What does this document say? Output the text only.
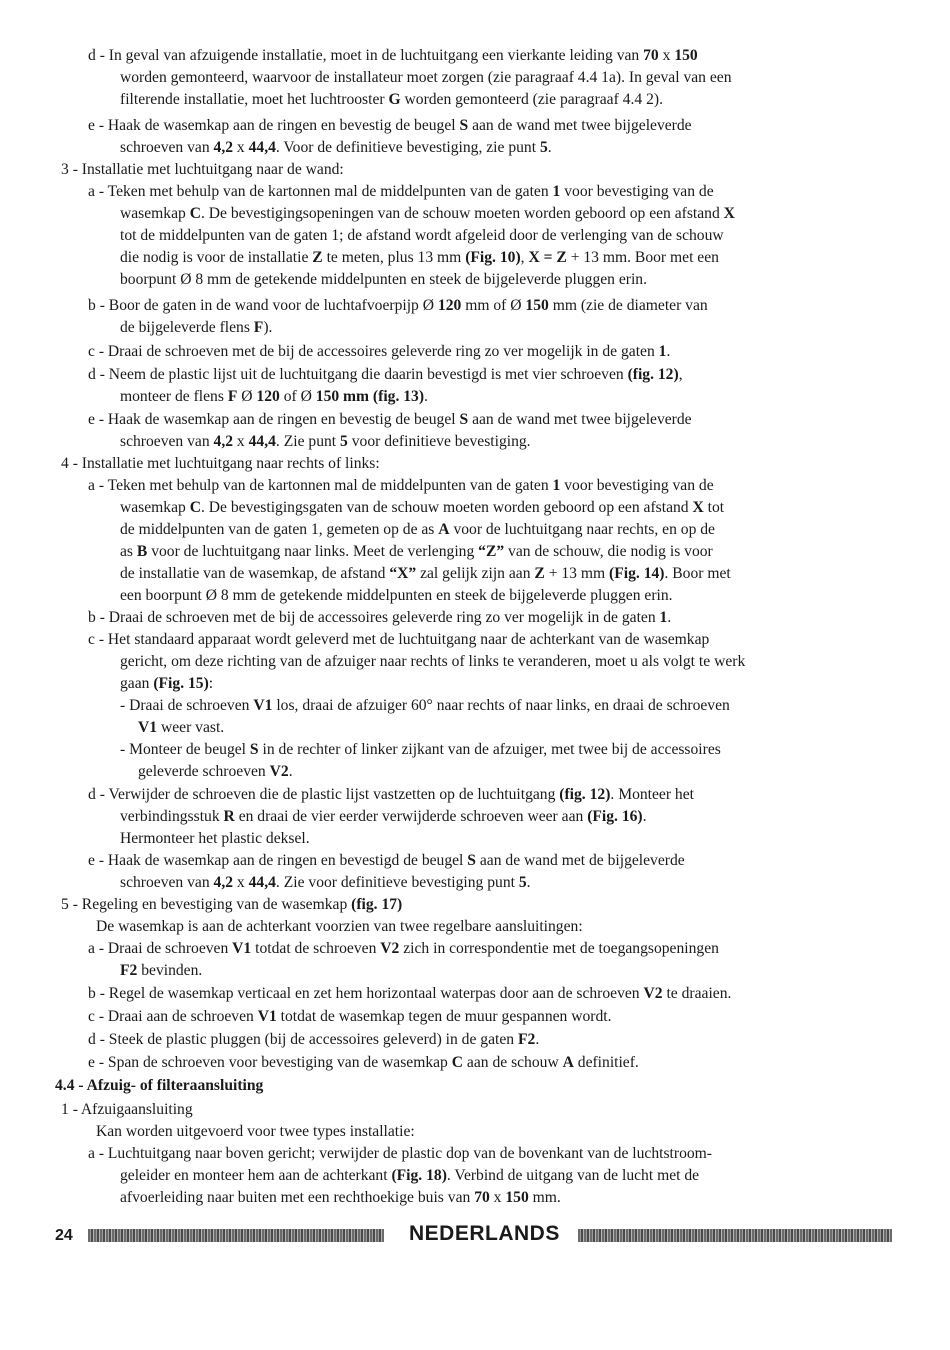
d - In geval van afzuigende installatie, moet in de luchtuitgang een vierkante leiding van 70 x 150

worden gemonteerd, waarvoor de installateur moet zorgen (zie paragraaf 4.4 1a). In geval van een

filterende installatie, moet het luchtrooster G worden gemonteerd (zie paragraaf 4.4 2).

e - Haak de wasemkap aan de ringen en bevestig de beugel S aan de wand met twee bijgeleverde

schroeven van 4,2 x 44,4. Voor de definitieve bevestiging, zie punt 5.

3 - Installatie met luchtuitgang naar de wand:

a - Teken met behulp van de kartonnen mal de middelpunten van de gaten 1 voor bevestiging van de

wasemkap C. De bevestigingsopeningen van de schouw moeten worden geboord op een afstand X

tot de middelpunten van de gaten 1; de afstand wordt afgeleid door de verlenging van de schouw

die nodig is voor de installatie Z te meten, plus 13 mm (Fig. 10), X = Z + 13 mm. Boor met een

boorpunt Ø 8 mm de getekende middelpunten en steek de bijgeleverde pluggen erin.

b - Boor de gaten in de wand voor de luchtafvoerpijp Ø 120 mm of Ø 150 mm (zie de diameter van

de bijgeleverde flens F).

c - Draai de schroeven met de bij de accessoires geleverde ring zo ver mogelijk in de gaten 1.

d - Neem de plastic lijst uit de luchtuitgang die daarin bevestigd is met vier schroeven (fig. 12),

monteer de flens F Ø 120 of Ø 150 mm (fig. 13).

e - Haak de wasemkap aan de ringen en bevestig de beugel S aan de wand met twee bijgeleverde

schroeven van 4,2 x 44,4. Zie punt 5 voor definitieve bevestiging.

4 - Installatie met luchtuitgang naar rechts of links:

a - Teken met behulp van de kartonnen mal de middelpunten van de gaten 1 voor bevestiging van de

wasemkap C. De bevestigingsgaten van de schouw moeten worden geboord op een afstand X tot

de middelpunten van de gaten 1, gemeten op de as A voor de luchtuitgang naar rechts, en op de

as B voor de luchtuitgang naar links. Meet de verlenging “Z” van de schouw, die nodig is voor

de installatie van de wasemkap, de afstand “X” zal gelijk zijn aan Z + 13 mm (Fig. 14). Boor met

een boorpunt Ø 8 mm de getekende middelpunten en steek de bijgeleverde pluggen erin.

b - Draai de schroeven met de bij de accessoires geleverde ring zo ver mogelijk in de gaten 1.

c - Het standaard apparaat wordt geleverd met de luchtuitgang naar de achterkant van de wasemkap

gericht, om deze richting van de afzuiger naar rechts of links te veranderen, moet u als volgt te werk

gaan (Fig. 15):

- Draai de schroeven V1 los, draai de afzuiger 60° naar rechts of naar links, en draai de schroeven

V1 weer vast.

- Monteer de beugel S in de rechter of linker zijkant van de afzuiger, met twee bij de accessoires

geleverde schroeven V2.

d - Verwijder de schroeven die de plastic lijst vastzetten op de luchtuitgang (fig. 12). Monteer het

verbindingsstuk R en draai de vier eerder verwijderde schroeven weer aan (Fig. 16).

Hermonteer het plastic deksel.

e - Haak de wasemkap aan de ringen en bevestigd de beugel S aan de wand met de bijgeleverde

schroeven van 4,2 x 44,4. Zie voor definitieve bevestiging punt 5.

5 - Regeling en bevestiging van de wasemkap (fig. 17)

De wasemkap is aan de achterkant voorzien van twee regelbare aansluitingen:

a - Draai de schroeven V1 totdat de schroeven V2 zich in correspondentie met de toegangsopeningen

F2 bevinden.

b - Regel de wasemkap verticaal en zet hem horizontaal waterpas door aan de schroeven V2 te draaien.

c - Draai aan de schroeven V1 totdat de wasemkap tegen de muur gespannen wordt.

d - Steek de plastic pluggen (bij de accessoires geleverd) in de gaten F2.

e - Span de schroeven voor bevestiging van de wasemkap C aan de schouw A definitief.

4.4 - Afzuig- of filteraansluiting

1 - Afzuigaansluiting

Kan worden uitgevoerd voor twee types installatie:

a - Luchtuitgang naar boven gericht; verwijder de plastic dop van de bovenkant van de luchtstroom-

geleider en monteer hem aan de achterkant (Fig. 18). Verbind de uitgang van de lucht met de

afvoerleiding naar buiten met een rechthoekige buis van 70 x 150 mm.

24	NEDERLANDS
